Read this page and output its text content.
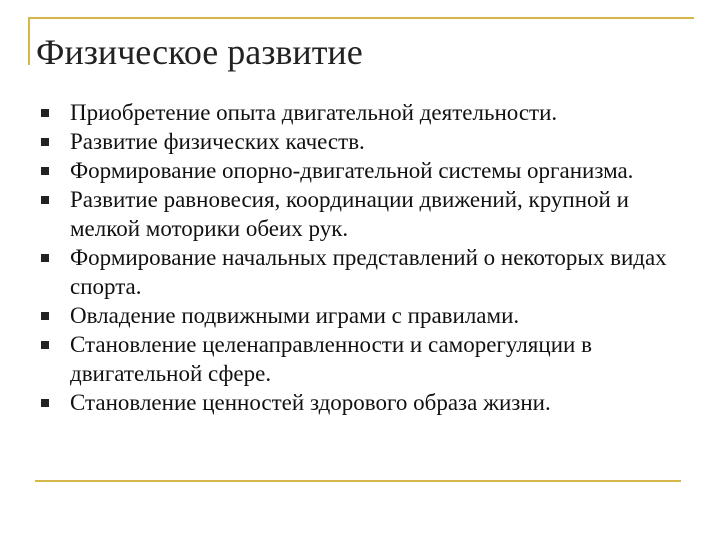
Физическое развитие
Приобретение опыта двигательной деятельности.
Развитие физических качеств.
Формирование опорно-двигательной системы организма.
Развитие равновесия, координации движений, крупной и мелкой моторики обеих рук.
Формирование начальных представлений о некоторых видах спорта.
Овладение подвижными играми с правилами.
Становление целенаправленности и саморегуляции в двигательной сфере.
Становление ценностей здорового образа жизни.
